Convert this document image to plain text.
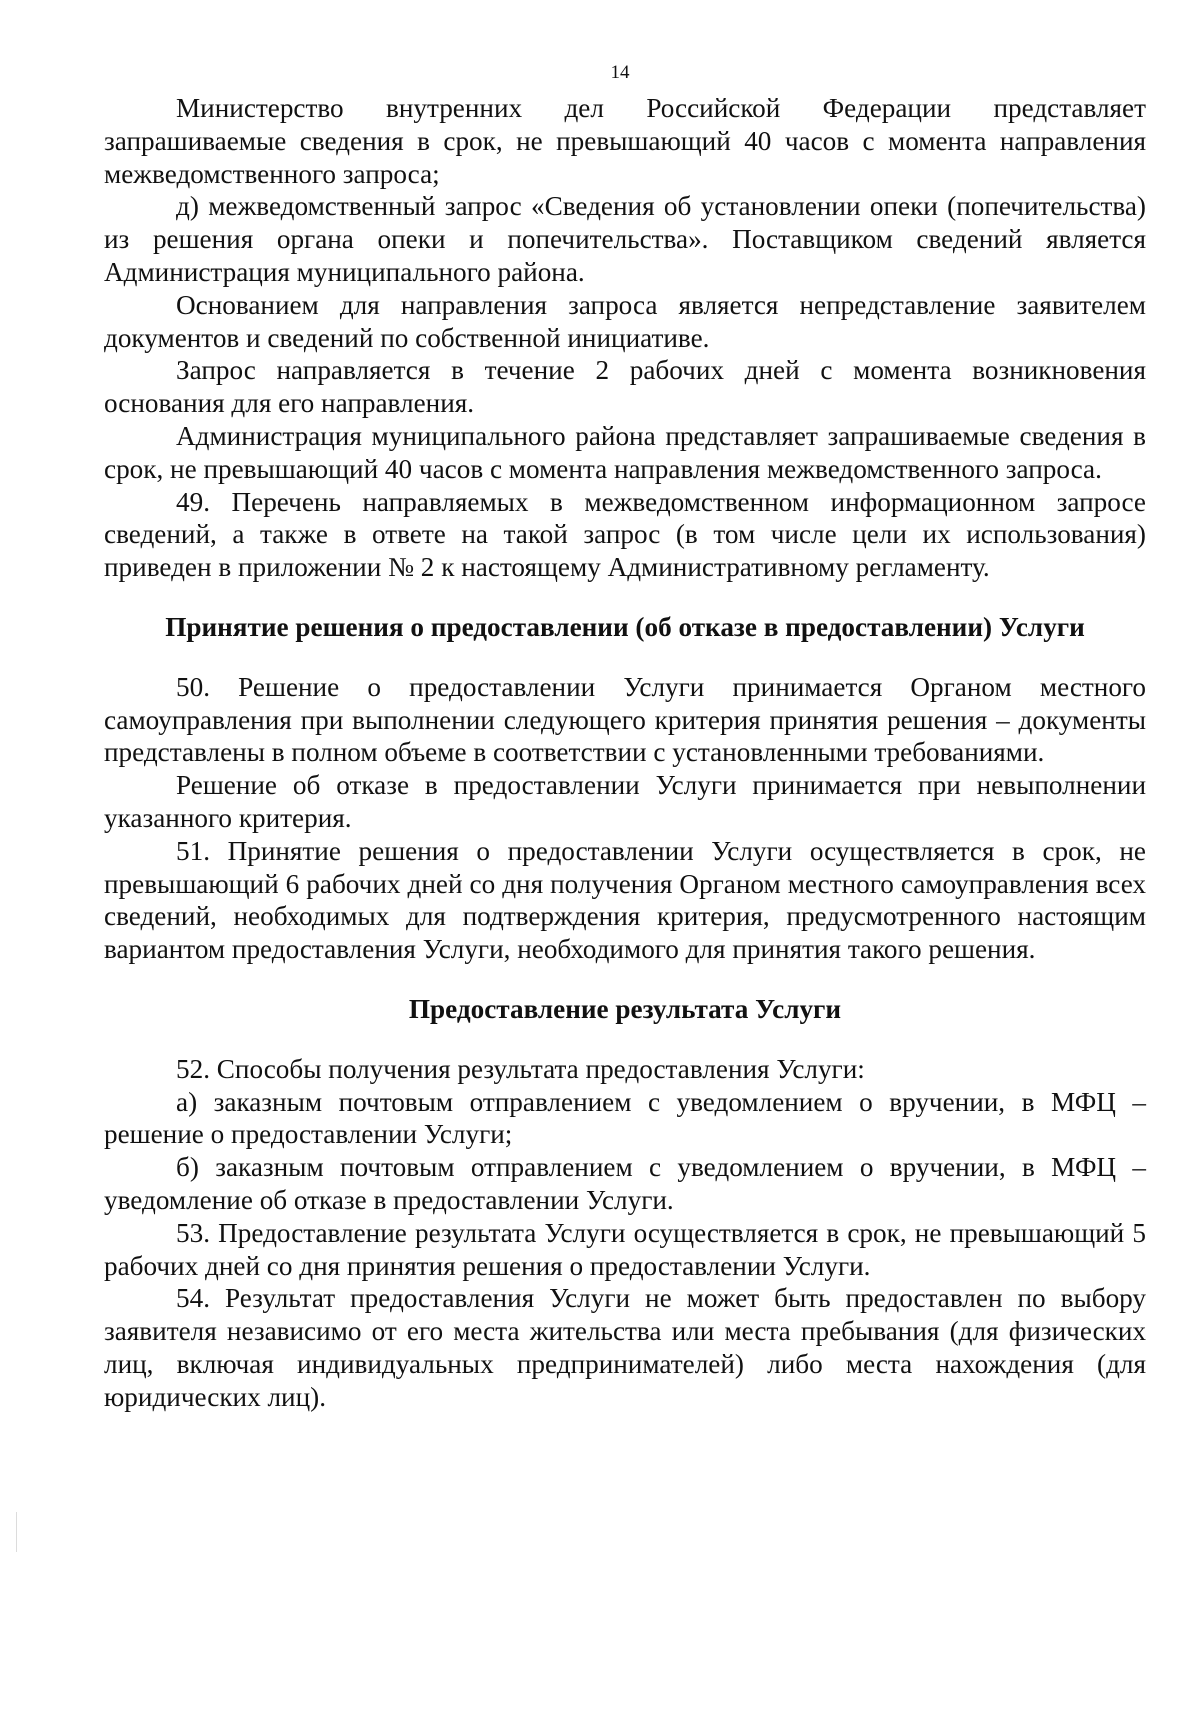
14

Министерство внутренних дел Российской Федерации представляет запрашиваемые сведения в срок, не превышающий 40 часов с момента направления межведомственного запроса;

д) межведомственный запрос «Сведения об установлении опеки (попечительства) из решения органа опеки и попечительства». Поставщиком сведений является Администрация муниципального района.

Основанием для направления запроса является непредставление заявителем документов и сведений по собственной инициативе.

Запрос направляется в течение 2 рабочих дней с момента возникновения основания для его направления.

Администрация муниципального района представляет запрашиваемые сведения в срок, не превышающий 40 часов с момента направления межведомственного запроса.

49. Перечень направляемых в межведомственном информационном запросе сведений, а также в ответе на такой запрос (в том числе цели их использования) приведен в приложении № 2 к настоящему Административному регламенту.

Принятие решения о предоставлении (об отказе в предоставлении) Услуги

50. Решение о предоставлении Услуги принимается Органом местного самоуправления при выполнении следующего критерия принятия решения – документы представлены в полном объеме в соответствии с установленными требованиями.

Решение об отказе в предоставлении Услуги принимается при невыполнении указанного критерия.

51. Принятие решения о предоставлении Услуги осуществляется в срок, не превышающий 6 рабочих дней со дня получения Органом местного самоуправления всех сведений, необходимых для подтверждения критерия, предусмотренного настоящим вариантом предоставления Услуги, необходимого для принятия такого решения.

Предоставление результата Услуги

52. Способы получения результата предоставления Услуги:

а) заказным почтовым отправлением с уведомлением о вручении, в МФЦ – решение о предоставлении Услуги;

б) заказным почтовым отправлением с уведомлением о вручении, в МФЦ – уведомление об отказе в предоставлении Услуги.

53. Предоставление результата Услуги осуществляется в срок, не превышающий 5 рабочих дней со дня принятия решения о предоставлении Услуги.

54. Результат предоставления Услуги не может быть предоставлен по выбору заявителя независимо от его места жительства или места пребывания (для физических лиц, включая индивидуальных предпринимателей) либо места нахождения (для юридических лиц).
